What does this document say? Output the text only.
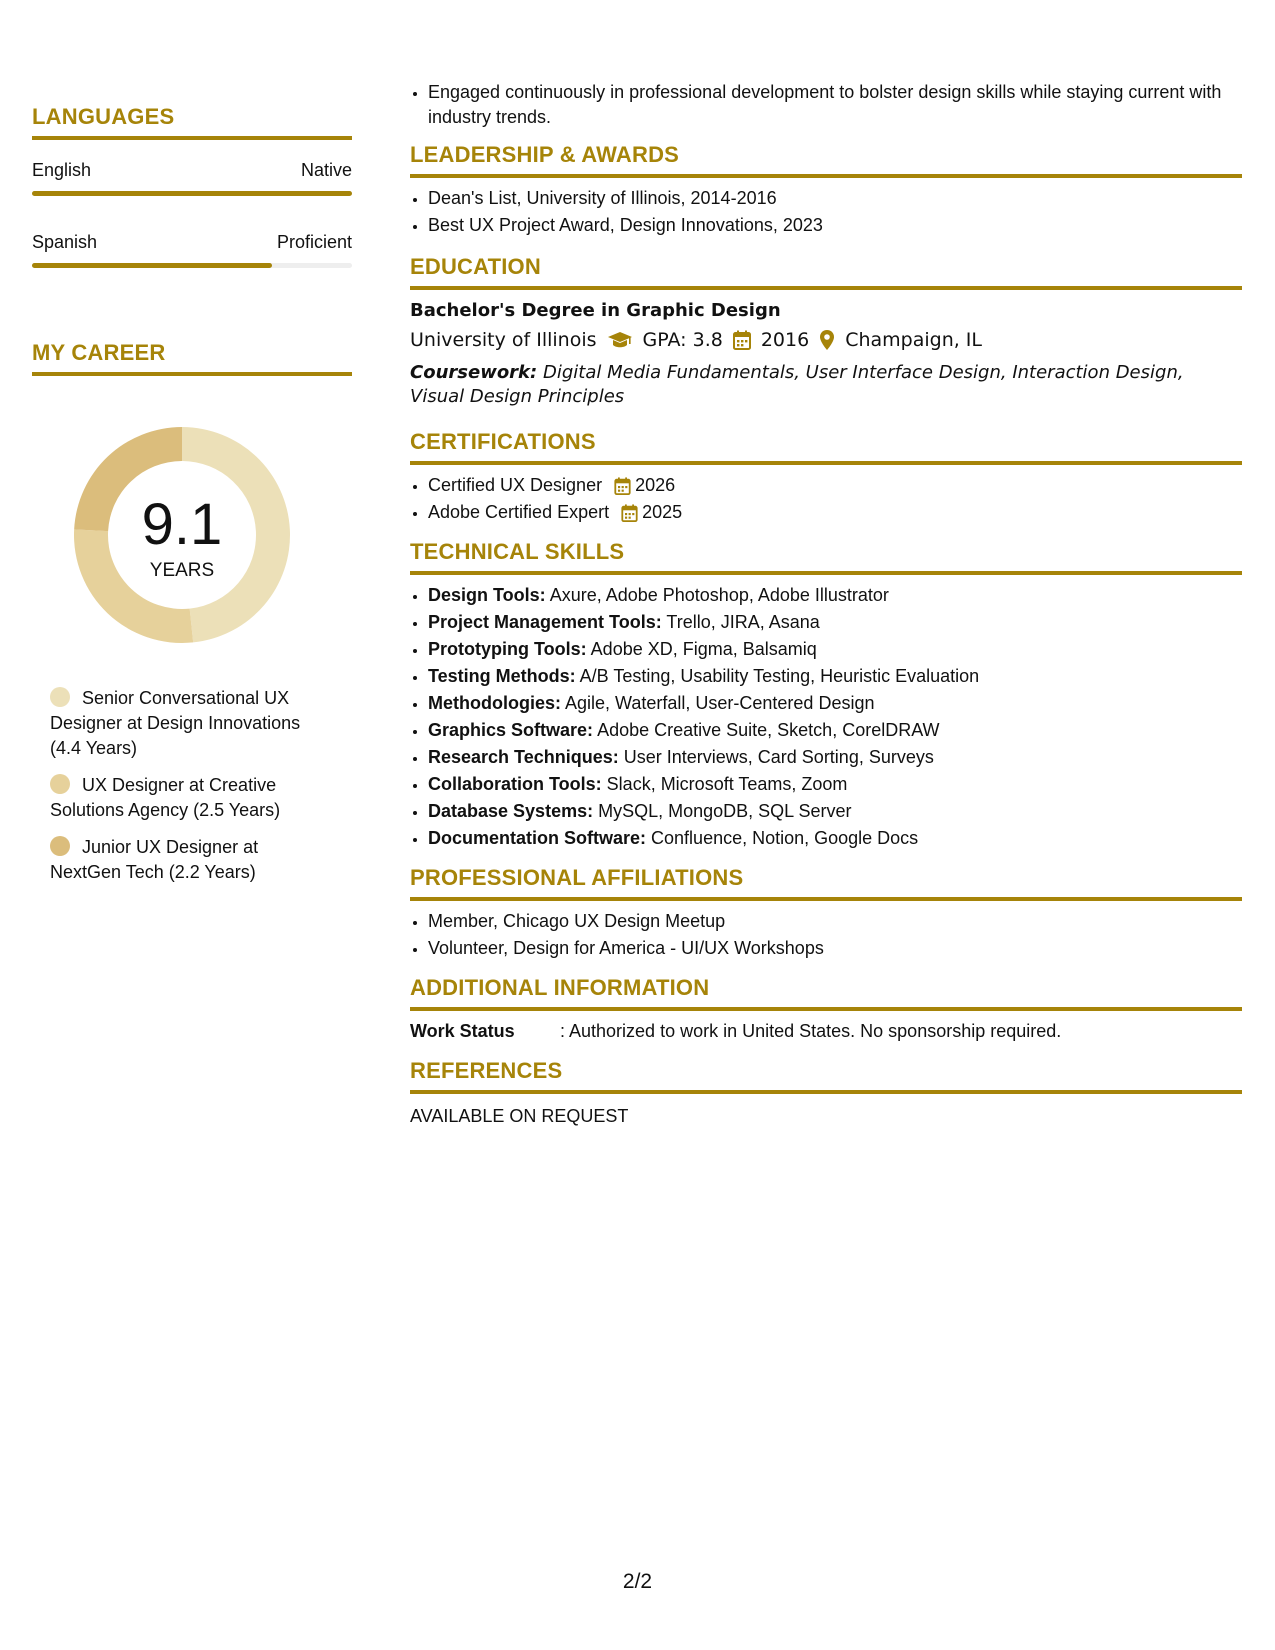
LANGUAGES
English	Native
Spanish	Proficient
MY CAREER
9.1
YEARS
Senior Conversational UX Designer at Design Innovations (4.4 Years)
UX Designer at Creative Solutions Agency (2.5 Years)
Junior UX Designer at NextGen Tech (2.2 Years)
• Engaged continuously in professional development to bolster design skills while staying current with industry trends.
LEADERSHIP & AWARDS
• Dean's List, University of Illinois, 2014-2016
• Best UX Project Award, Design Innovations, 2023
EDUCATION
Bachelor's Degree in Graphic Design
University of Illinois GPA: 3.8 2016 Champaign, IL
Coursework: Digital Media Fundamentals, User Interface Design, Interaction Design, Visual Design Principles
CERTIFICATIONS
• Certified UX Designer 2026
• Adobe Certified Expert 2025
TECHNICAL SKILLS
• Design Tools: Axure, Adobe Photoshop, Adobe Illustrator
• Project Management Tools: Trello, JIRA, Asana
• Prototyping Tools: Adobe XD, Figma, Balsamiq
• Testing Methods: A/B Testing, Usability Testing, Heuristic Evaluation
• Methodologies: Agile, Waterfall, User-Centered Design
• Graphics Software: Adobe Creative Suite, Sketch, CorelDRAW
• Research Techniques: User Interviews, Card Sorting, Surveys
• Collaboration Tools: Slack, Microsoft Teams, Zoom
• Database Systems: MySQL, MongoDB, SQL Server
• Documentation Software: Confluence, Notion, Google Docs
PROFESSIONAL AFFILIATIONS
• Member, Chicago UX Design Meetup
• Volunteer, Design for America - UI/UX Workshops
ADDITIONAL INFORMATION
Work Status	: Authorized to work in United States. No sponsorship required.
REFERENCES
AVAILABLE ON REQUEST
2/2
